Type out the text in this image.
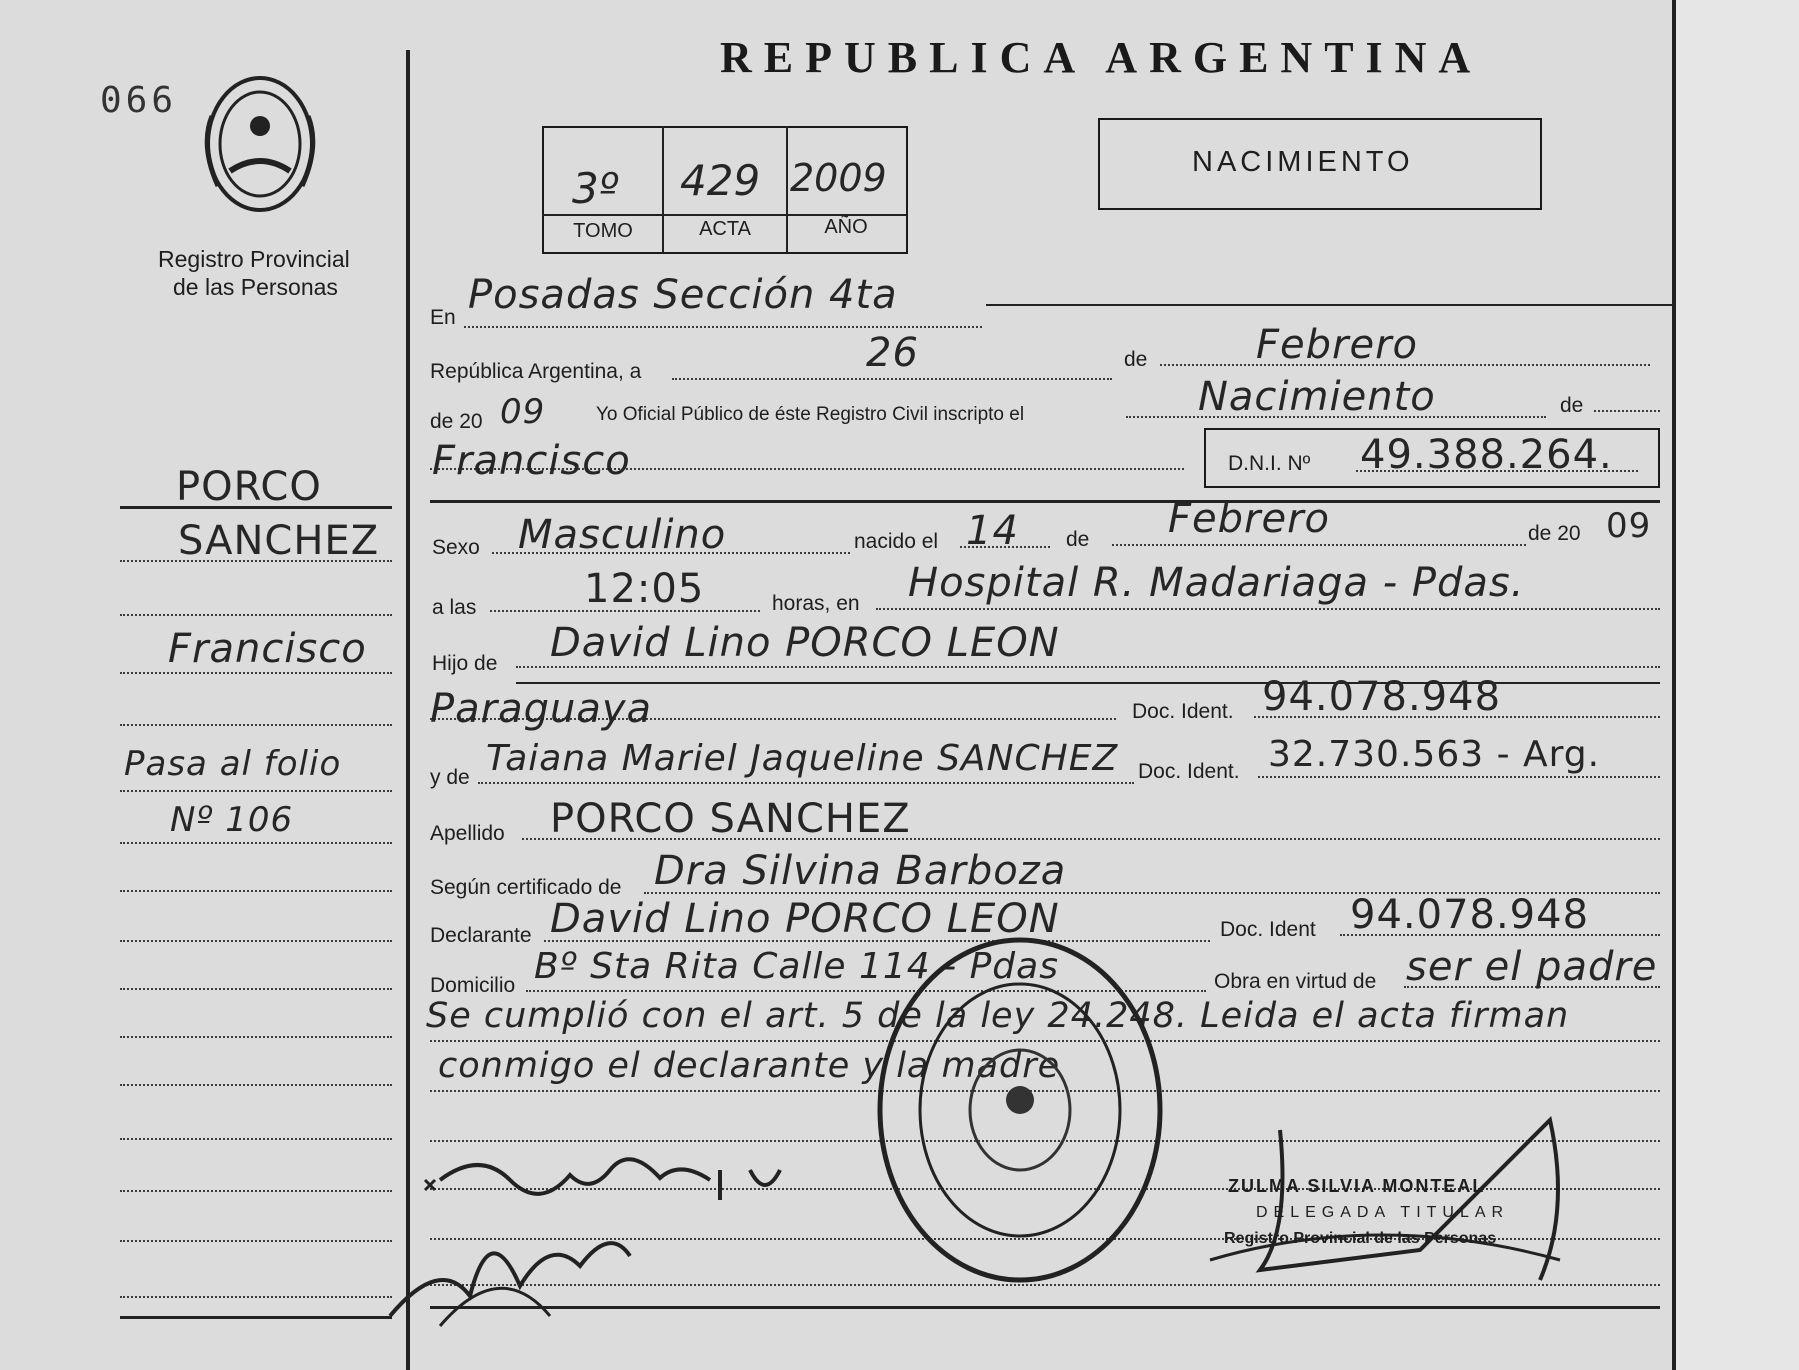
066
Registro Provincial
de las Personas
REPUBLICA ARGENTINA
3º 429 2009
TOMO	ACTA	AÑO
NACIMIENTO
PORCO
SANCHEZ
Francisco
Pasa al folio
Nº 106
En Posadas Sección 4ta
República Argentina, a	26	de	Febrero
de 20 09	Yo Oficial Público de éste Registro Civil inscripto el	Nacimiento	de
Francisco	D.N.I. Nº 49.388.264.
Sexo Masculino	nacido el 14 de Febrero	de 20 09
a las	12:05	horas, en Hospital R. Madariaga - Pdas.
Hijo de David Lino PORCO LEON
Paraguaya	Doc. Ident. 94.078.948
y de Taiana Mariel Jaqueline SANCHEZ Doc. Ident. 32.730.563 - Arg.
Apellido PORCO SANCHEZ
Según certificado de Dra Silvina Barboza
Declarante David Lino PORCO LEON	Doc. Ident 94.078.948
Domicilio Bº Sta Rita Calle 114 - Pdas	Obra en virtud de ser el padre
Se cumplió con el art. 5 de la ley 24.248. Leida el acta firman
conmigo el declarante y la madre
ZULMA SILVIA MONTEAL
DELEGADA TITULAR
Registro Provincial de las Personas
